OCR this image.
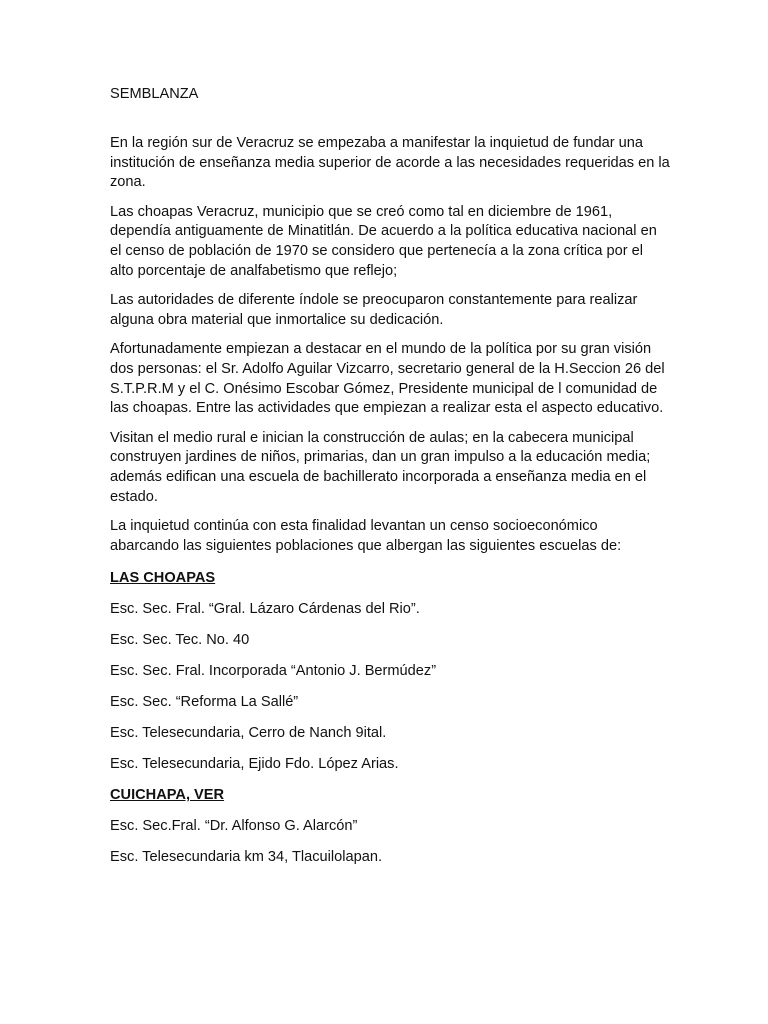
SEMBLANZA

En la región sur de Veracruz se empezaba a manifestar la inquietud de fundar una institución de enseñanza media superior de acorde a las necesidades requeridas en la zona.

Las choapas Veracruz, municipio que se creó como tal en diciembre de 1961, dependía antiguamente de Minatitlán. De acuerdo a la política educativa nacional en el censo de población de 1970 se considero que pertenecía a la zona crítica por el alto porcentaje de analfabetismo que reflejo;

Las autoridades de diferente índole se preocuparon constantemente para realizar alguna obra material que inmortalice su dedicación.

Afortunadamente empiezan a destacar en el mundo de la política por su gran visión dos personas: el Sr. Adolfo Aguilar Vizcarro, secretario general de la H.Seccion 26 del S.T.P.R.M y el C. Onésimo Escobar Gómez, Presidente municipal de l comunidad de las choapas. Entre las actividades que empiezan a realizar esta el aspecto educativo.

Visitan el medio rural e inician la construcción de aulas; en la cabecera municipal construyen jardines de niños, primarias, dan un gran impulso a la educación media; además edifican una escuela de bachillerato incorporada a enseñanza media en el estado.

La inquietud continúa con esta finalidad levantan un censo socioeconómico abarcando las siguientes poblaciones que albergan las siguientes escuelas de:

LAS CHOAPAS

Esc. Sec. Fral. “Gral. Lázaro Cárdenas del Rio”.

Esc. Sec. Tec. No. 40

Esc. Sec. Fral. Incorporada “Antonio J. Bermúdez”

Esc. Sec. “Reforma La Sallé”

Esc. Telesecundaria, Cerro de Nanch 9ital.

Esc. Telesecundaria, Ejido Fdo. López Arias.

CUICHAPA, VER

Esc. Sec.Fral. “Dr. Alfonso G. Alarcón”

Esc. Telesecundaria km 34, Tlacuilolapan.
